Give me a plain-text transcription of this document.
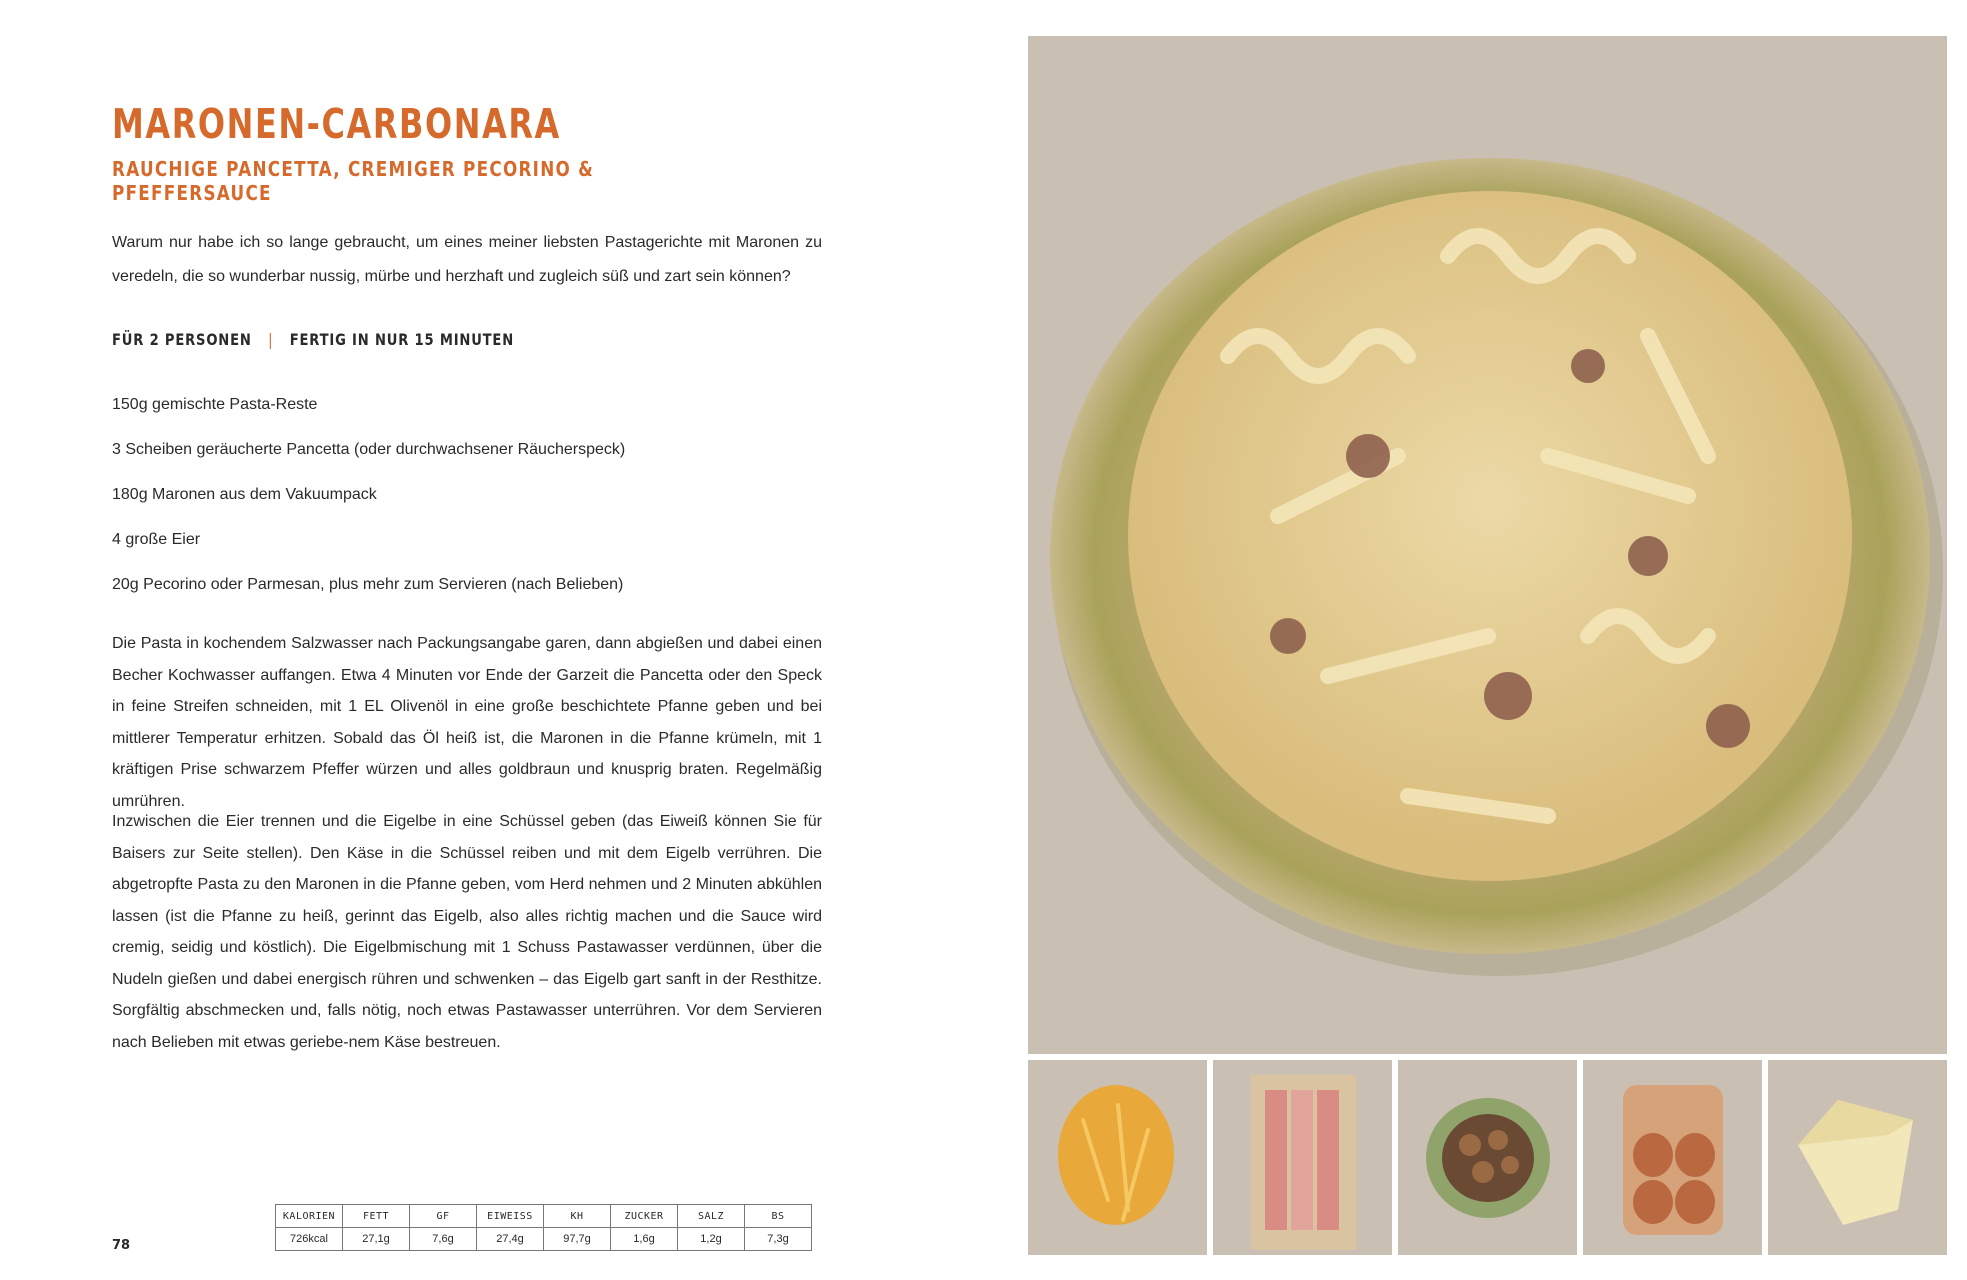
MARONEN-CARBONARA
RAUCHIGE PANCETTA, CREMIGER PECORINO & PFEFFERSAUCE

Warum nur habe ich so lange gebraucht, um eines meiner liebsten Pastagerichte mit Maronen zu veredeln, die so wunderbar nussig, mürbe und herzhaft und zugleich süß und zart sein können?

FÜR 2 PERSONEN | FERTIG IN NUR 15 MINUTEN
150g gemischte Pasta-Reste
3 Scheiben geräucherte Pancetta (oder durchwachsener Räucherspeck)
180g Maronen aus dem Vakuumpack
4 große Eier
20g Pecorino oder Parmesan, plus mehr zum Servieren (nach Belieben)

Die Pasta in kochendem Salzwasser nach Packungsangabe garen, dann abgießen und dabei einen Becher Kochwasser auffangen. Etwa 4 Minuten vor Ende der Garzeit die Pancetta oder den Speck in feine Streifen schneiden, mit 1 EL Olivenöl in eine große beschichtete Pfanne geben und bei mittlerer Temperatur erhitzen. Sobald das Öl heiß ist, die Maronen in die Pfanne krümeln, mit 1 kräftigen Prise schwarzem Pfeffer würzen und alles goldbraun und knusprig braten. Regelmäßig umrühren.

Inzwischen die Eier trennen und die Eigelbe in eine Schüssel geben (das Eiweiß können Sie für Baisers zur Seite stellen). Den Käse in die Schüssel reiben und mit dem Eigelb verrühren. Die abgetropfte Pasta zu den Maronen in die Pfanne geben, vom Herd nehmen und 2 Minuten abkühlen lassen (ist die Pfanne zu heiß, gerinnt das Eigelb, also alles richtig machen und die Sauce wird cremig, seidig und köstlich). Die Eigelbmischung mit 1 Schuss Pastawasser verdünnen, über die Nudeln gießen und dabei energisch rühren und schwenken – das Eigelb gart sanft in der Resthitze. Sorgfältig abschmecken und, falls nötig, noch etwas Pastawasser unterrühren. Vor dem Servieren nach Belieben mit etwas geriebe-nem Käse bestreuen.

78
KALORIEN	FETT	GF	EIWEISS	KH	ZUCKER	SALZ	BS
726kcal	27,1g	7,6g	27,4g	97,7g	1,6g	1,2g	7,3g
